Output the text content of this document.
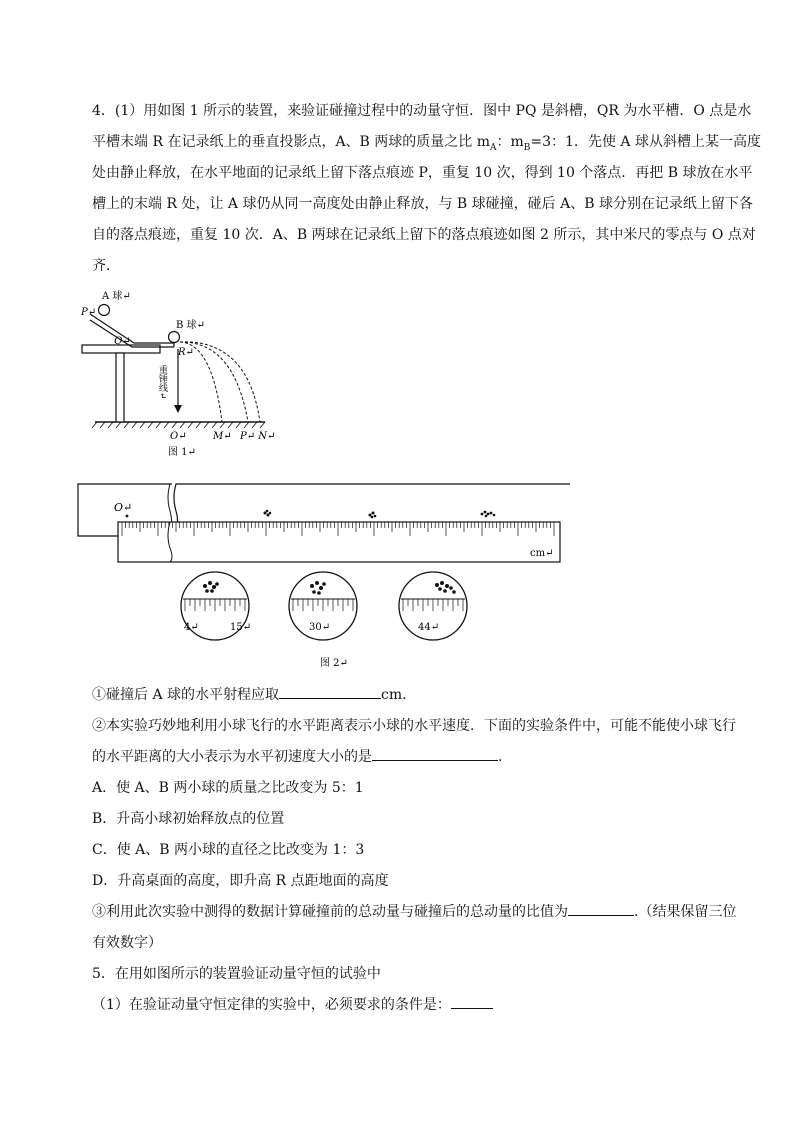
4．(1）用如图 1 所示的装置，来验证碰撞过程中的动量守恒．图中 PQ 是斜槽，QR 为水平槽．O 点是水
平槽末端 R 在记录纸上的垂直投影点，A、B 两球的质量之比 $m_A$：$m_B=3$：1．先使 A 球从斜槽上某一高度
处由静止释放，在水平地面的记录纸上留下落点痕迹 P，重复 10 次，得到 10 个落点．再把 B 球放在水平
槽上的末端 R 处，让 A 球仍从同一高度处由静止释放，与 B 球碰撞，碰后 A、B 球分别在记录纸上留下各
自的落点痕迹，重复 10 次．A、B 两球在记录纸上留下的落点痕迹如图 2 所示，其中米尺的零点与 O 点对
齐．
A 球↵
P↵
B 球↵
Q↵
R↵
重锤线↵
O↵	M↵ P↵ N↵
图 1↵
O↵
cm↵
4↵	15↵	30↵	44↵
图 2↵
①碰撞后 A 球的水平射程应取	cm.
②本实验巧妙地利用小球飞行的水平距离表示小球的水平速度．下面的实验条件中，可能不能使小球飞行
的水平距离的大小表示为水平初速度大小的是	.
A．使 A、B 两小球的质量之比改变为 5：1
B．升高小球初始释放点的位置
C．使 A、B 两小球的直径之比改变为 1：3
D．升高桌面的高度，即升高 R 点距地面的高度
③利用此次实验中测得的数据计算碰撞前的总动量与碰撞后的总动量的比值为	.（结果保留三位
有效数字）
5．在用如图所示的装置验证动量守恒的试验中
（1）在验证动量守恒定律的实验中，必须要求的条件是：
